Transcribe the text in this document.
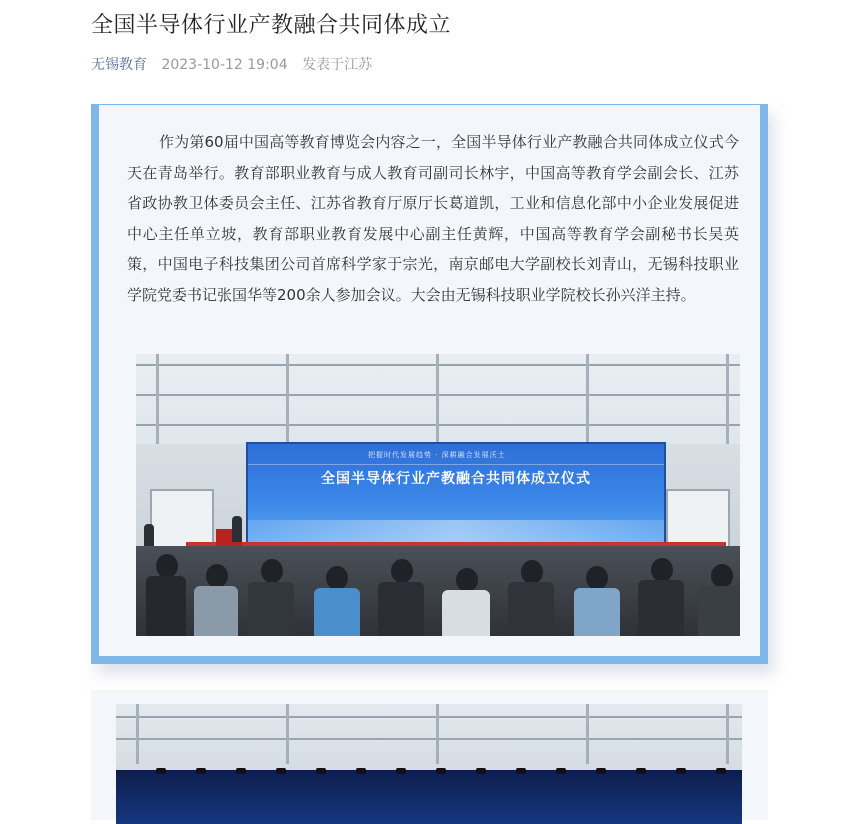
全国半导体行业产教融合共同体成立
无锡教育 2023-10-12 19:04 发表于江苏
作为第60届中国高等教育博览会内容之一，全国半导体行业产教融合共同体成立仪式今天在青岛举行。教育部职业教育与成人教育司副司长林宇，中国高等教育学会副会长、江苏省政协教卫体委员会主任、江苏省教育厅原厅长葛道凯，工业和信息化部中小企业发展促进中心主任单立坡，教育部职业教育发展中心副主任黄辉，中国高等教育学会副秘书长吴英策，中国电子科技集团公司首席科学家于宗光，南京邮电大学副校长刘青山，无锡科技职业学院党委书记张国华等200余人参加会议。大会由无锡科技职业学院校长孙兴洋主持。
把握时代发展趋势 · 深耕融合发展沃土
全国半导体行业产教融合共同体成立仪式
